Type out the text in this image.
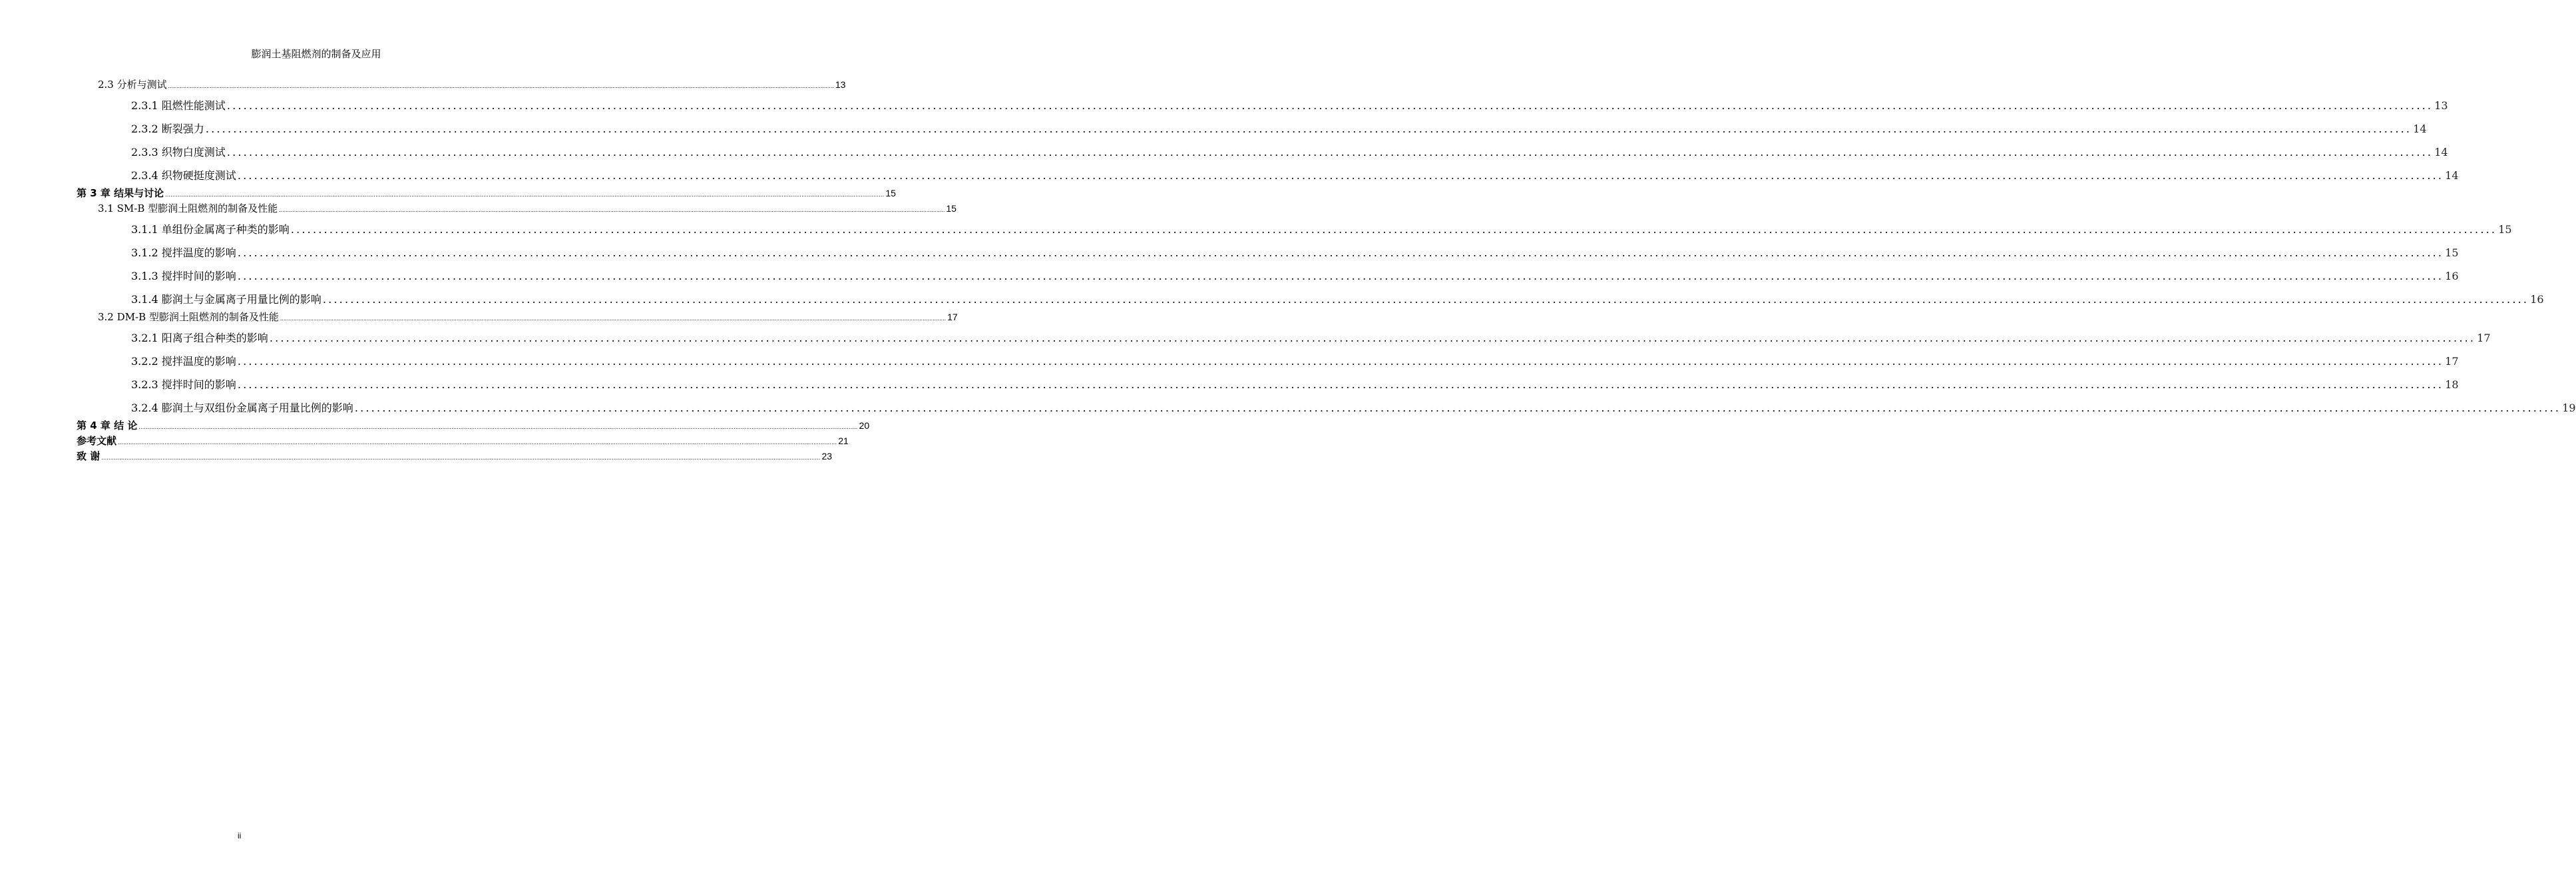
膨润土基阻燃剂的制备及应用
2.3 分析与测试 ................................................................................................................................................................................................................................................................................................................................................................................................................ 13
2.3.1 阻燃性能测试 ................................................................................................................................................................................................................................................................................................................................................................................................................ 13
2.3.2 断裂强力 ................................................................................................................................................................................................................................................................................................................................................................................................................ 14
2.3.3 织物白度测试 ................................................................................................................................................................................................................................................................................................................................................................................................................ 14
2.3.4 织物硬挺度测试 ................................................................................................................................................................................................................................................................................................................................................................................................................ 14
第 3 章 结果与讨论 ................................................................................................................................................................................................................................................................................................................................................................................................................ 15
3.1 SM-B 型膨润土阻燃剂的制备及性能 ................................................................................................................................................................................................................................................................................................................................................................................................................ 15
3.1.1 单组份金属离子种类的影响 ................................................................................................................................................................................................................................................................................................................................................................................................................ 15
3.1.2 搅拌温度的影响 ................................................................................................................................................................................................................................................................................................................................................................................................................ 15
3.1.3 搅拌时间的影响 ................................................................................................................................................................................................................................................................................................................................................................................................................ 16
3.1.4 膨润土与金属离子用量比例的影响 ................................................................................................................................................................................................................................................................................................................................................................................................................ 16
3.2 DM-B 型膨润土阻燃剂的制备及性能 ................................................................................................................................................................................................................................................................................................................................................................................................................ 17
3.2.1 阳离子组合种类的影响 ................................................................................................................................................................................................................................................................................................................................................................................................................ 17
3.2.2 搅拌温度的影响 ................................................................................................................................................................................................................................................................................................................................................................................................................ 17
3.2.3 搅拌时间的影响 ................................................................................................................................................................................................................................................................................................................................................................................................................ 18
3.2.4 膨润土与双组份金属离子用量比例的影响 ................................................................................................................................................................................................................................................................................................................................................................................................................ 19
第 4 章 结 论 ................................................................................................................................................................................................................................................................................................................................................................................................................ 20
参考文献 ................................................................................................................................................................................................................................................................................................................................................................................................................ 21
致 谢 ................................................................................................................................................................................................................................................................................................................................................................................................................ 23
ii
